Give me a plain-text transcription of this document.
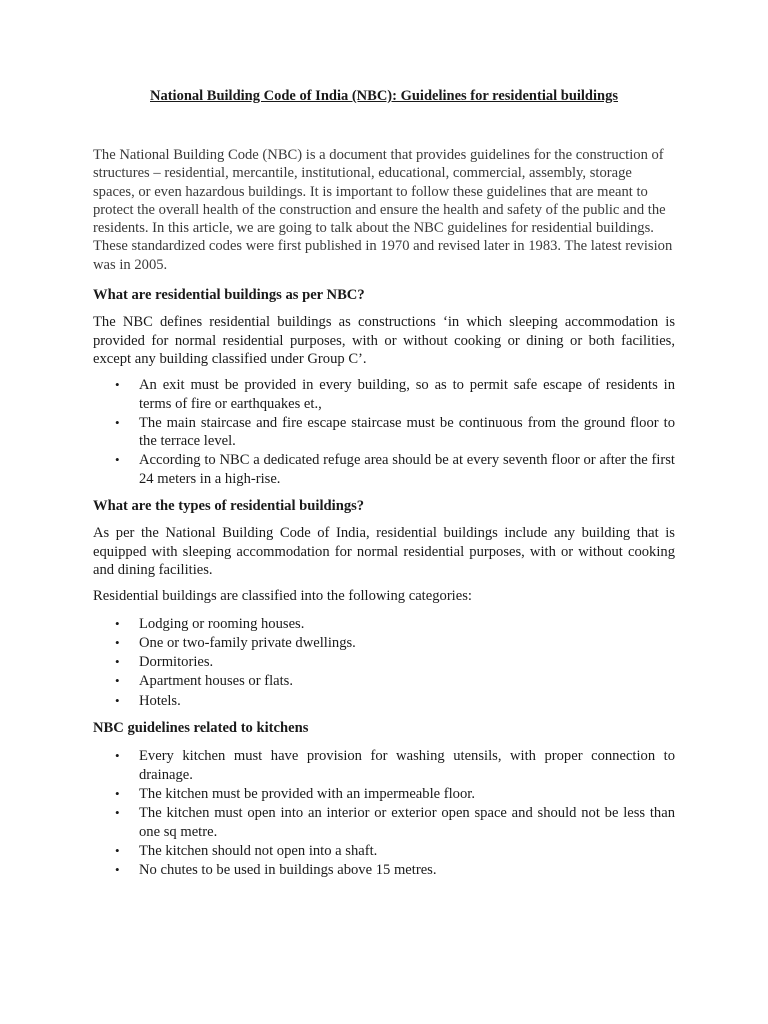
National Building Code of India (NBC): Guidelines for residential buildings

The National Building Code (NBC) is a document that provides guidelines for the construction of structures – residential, mercantile, institutional, educational, commercial, assembly, storage spaces, or even hazardous buildings. It is important to follow these guidelines that are meant to protect the overall health of the construction and ensure the health and safety of the public and the residents. In this article, we are going to talk about the NBC guidelines for residential buildings. These standardized codes were first published in 1970 and revised later in 1983. The latest revision was in 2005.

What are residential buildings as per NBC?

The NBC defines residential buildings as constructions ‘in which sleeping accommodation is provided for normal residential purposes, with or without cooking or dining or both facilities, except any building classified under Group C’.

• An exit must be provided in every building, so as to permit safe escape of residents in terms of fire or earthquakes et.,
• The main staircase and fire escape staircase must be continuous from the ground floor to the terrace level.
• According to NBC a dedicated refuge area should be at every seventh floor or after the first 24 meters in a high-rise.
What are the types of residential buildings?

As per the National Building Code of India, residential buildings include any building that is equipped with sleeping accommodation for normal residential purposes, with or without cooking and dining facilities.

Residential buildings are classified into the following categories:

• Lodging or rooming houses.
• One or two-family private dwellings.
• Dormitories.
• Apartment houses or flats.
• Hotels.
NBC guidelines related to kitchens
• Every kitchen must have provision for washing utensils, with proper connection to drainage.
• The kitchen must be provided with an impermeable floor.
• The kitchen must open into an interior or exterior open space and should not be less than one sq metre.
• The kitchen should not open into a shaft.
• No chutes to be used in buildings above 15 metres.
